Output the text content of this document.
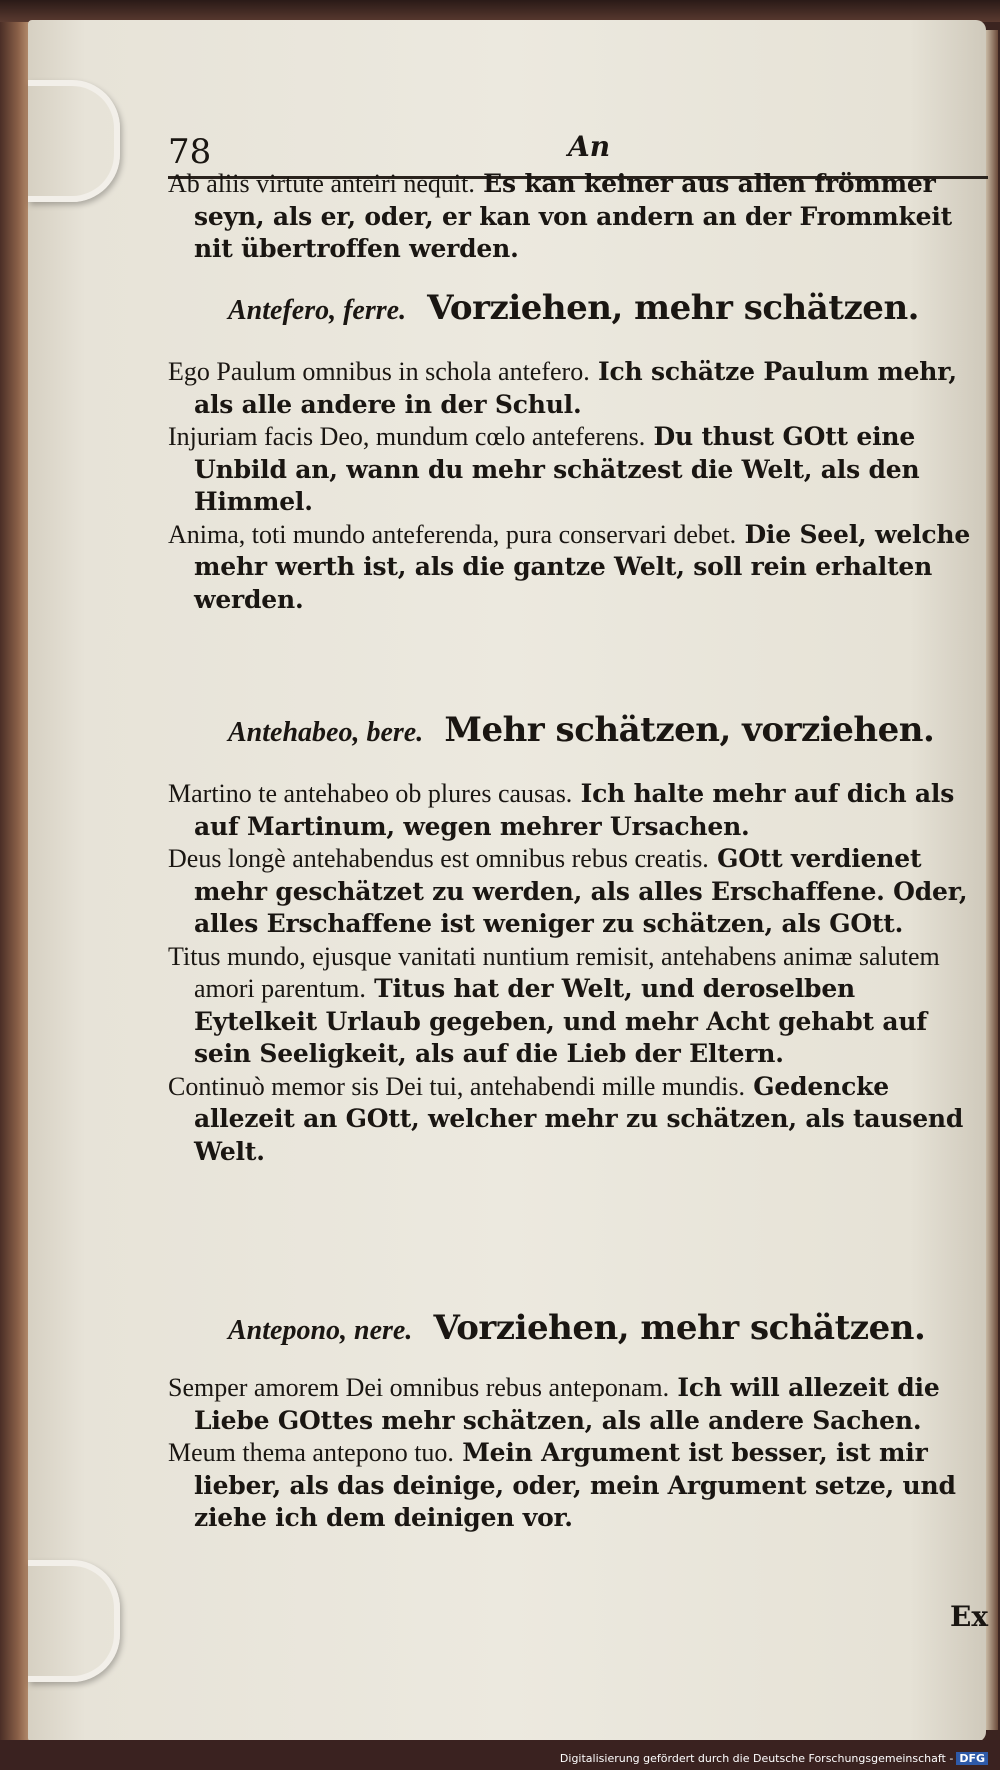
78	An

Ab aliis virtute anteiri nequit. Es kan keiner aus allen frömmer seyn, als er, oder, er kan von andern an der Frommkeit nit übertroffen werden.

Antefero, ferre. Vorziehen, mehr schätzen.

Ego Paulum omnibus in schola antefero. Ich schätze Paulum mehr, als alle andere in der Schul.

Injuriam facis Deo, mundum cœlo anteferens. Du thust GOtt eine Unbild an, wann du mehr schätzest die Welt, als den Himmel.

Anima, toti mundo anteferenda, pura conservari debet. Die Seel, welche mehr werth ist, als die gantze Welt, soll rein erhalten werden.

Antehabeo, bere. Mehr schätzen, vorziehen.

Martino te antehabeo ob plures causas. Ich halte mehr auf dich als auf Martinum, wegen mehrer Ursachen.

Deus longè antehabendus est omnibus rebus creatis. GOtt verdienet mehr geschätzet zu werden, als alles Erschaffene. Oder, alles Erschaffene ist weniger zu schätzen, als GOtt.

Titus mundo, ejusque vanitati nuntium remisit, antehabens animæ salutem amori parentum. Titus hat der Welt, und deroselben Eytelkeit Urlaub gegeben, und mehr Acht gehabt auf sein Seeligkeit, als auf die Lieb der Eltern.

Continuò memor sis Dei tui, antehabendi mille mundis. Gedencke allezeit an GOtt, welcher mehr zu schätzen, als tausend Welt.

Antepono, nere. Vorziehen, mehr schätzen.

Semper amorem Dei omnibus rebus anteponam. Ich will allezeit die Liebe GOttes mehr schätzen, als alle andere Sachen.

Meum thema antepono tuo. Mein Argument ist besser, ist mir lieber, als das deinige, oder, mein Argument setze, und ziehe ich dem deinigen vor.

Ex
Digitalisierung gefördert durch die Deutsche Forschungsgemeinschaft - DFG
